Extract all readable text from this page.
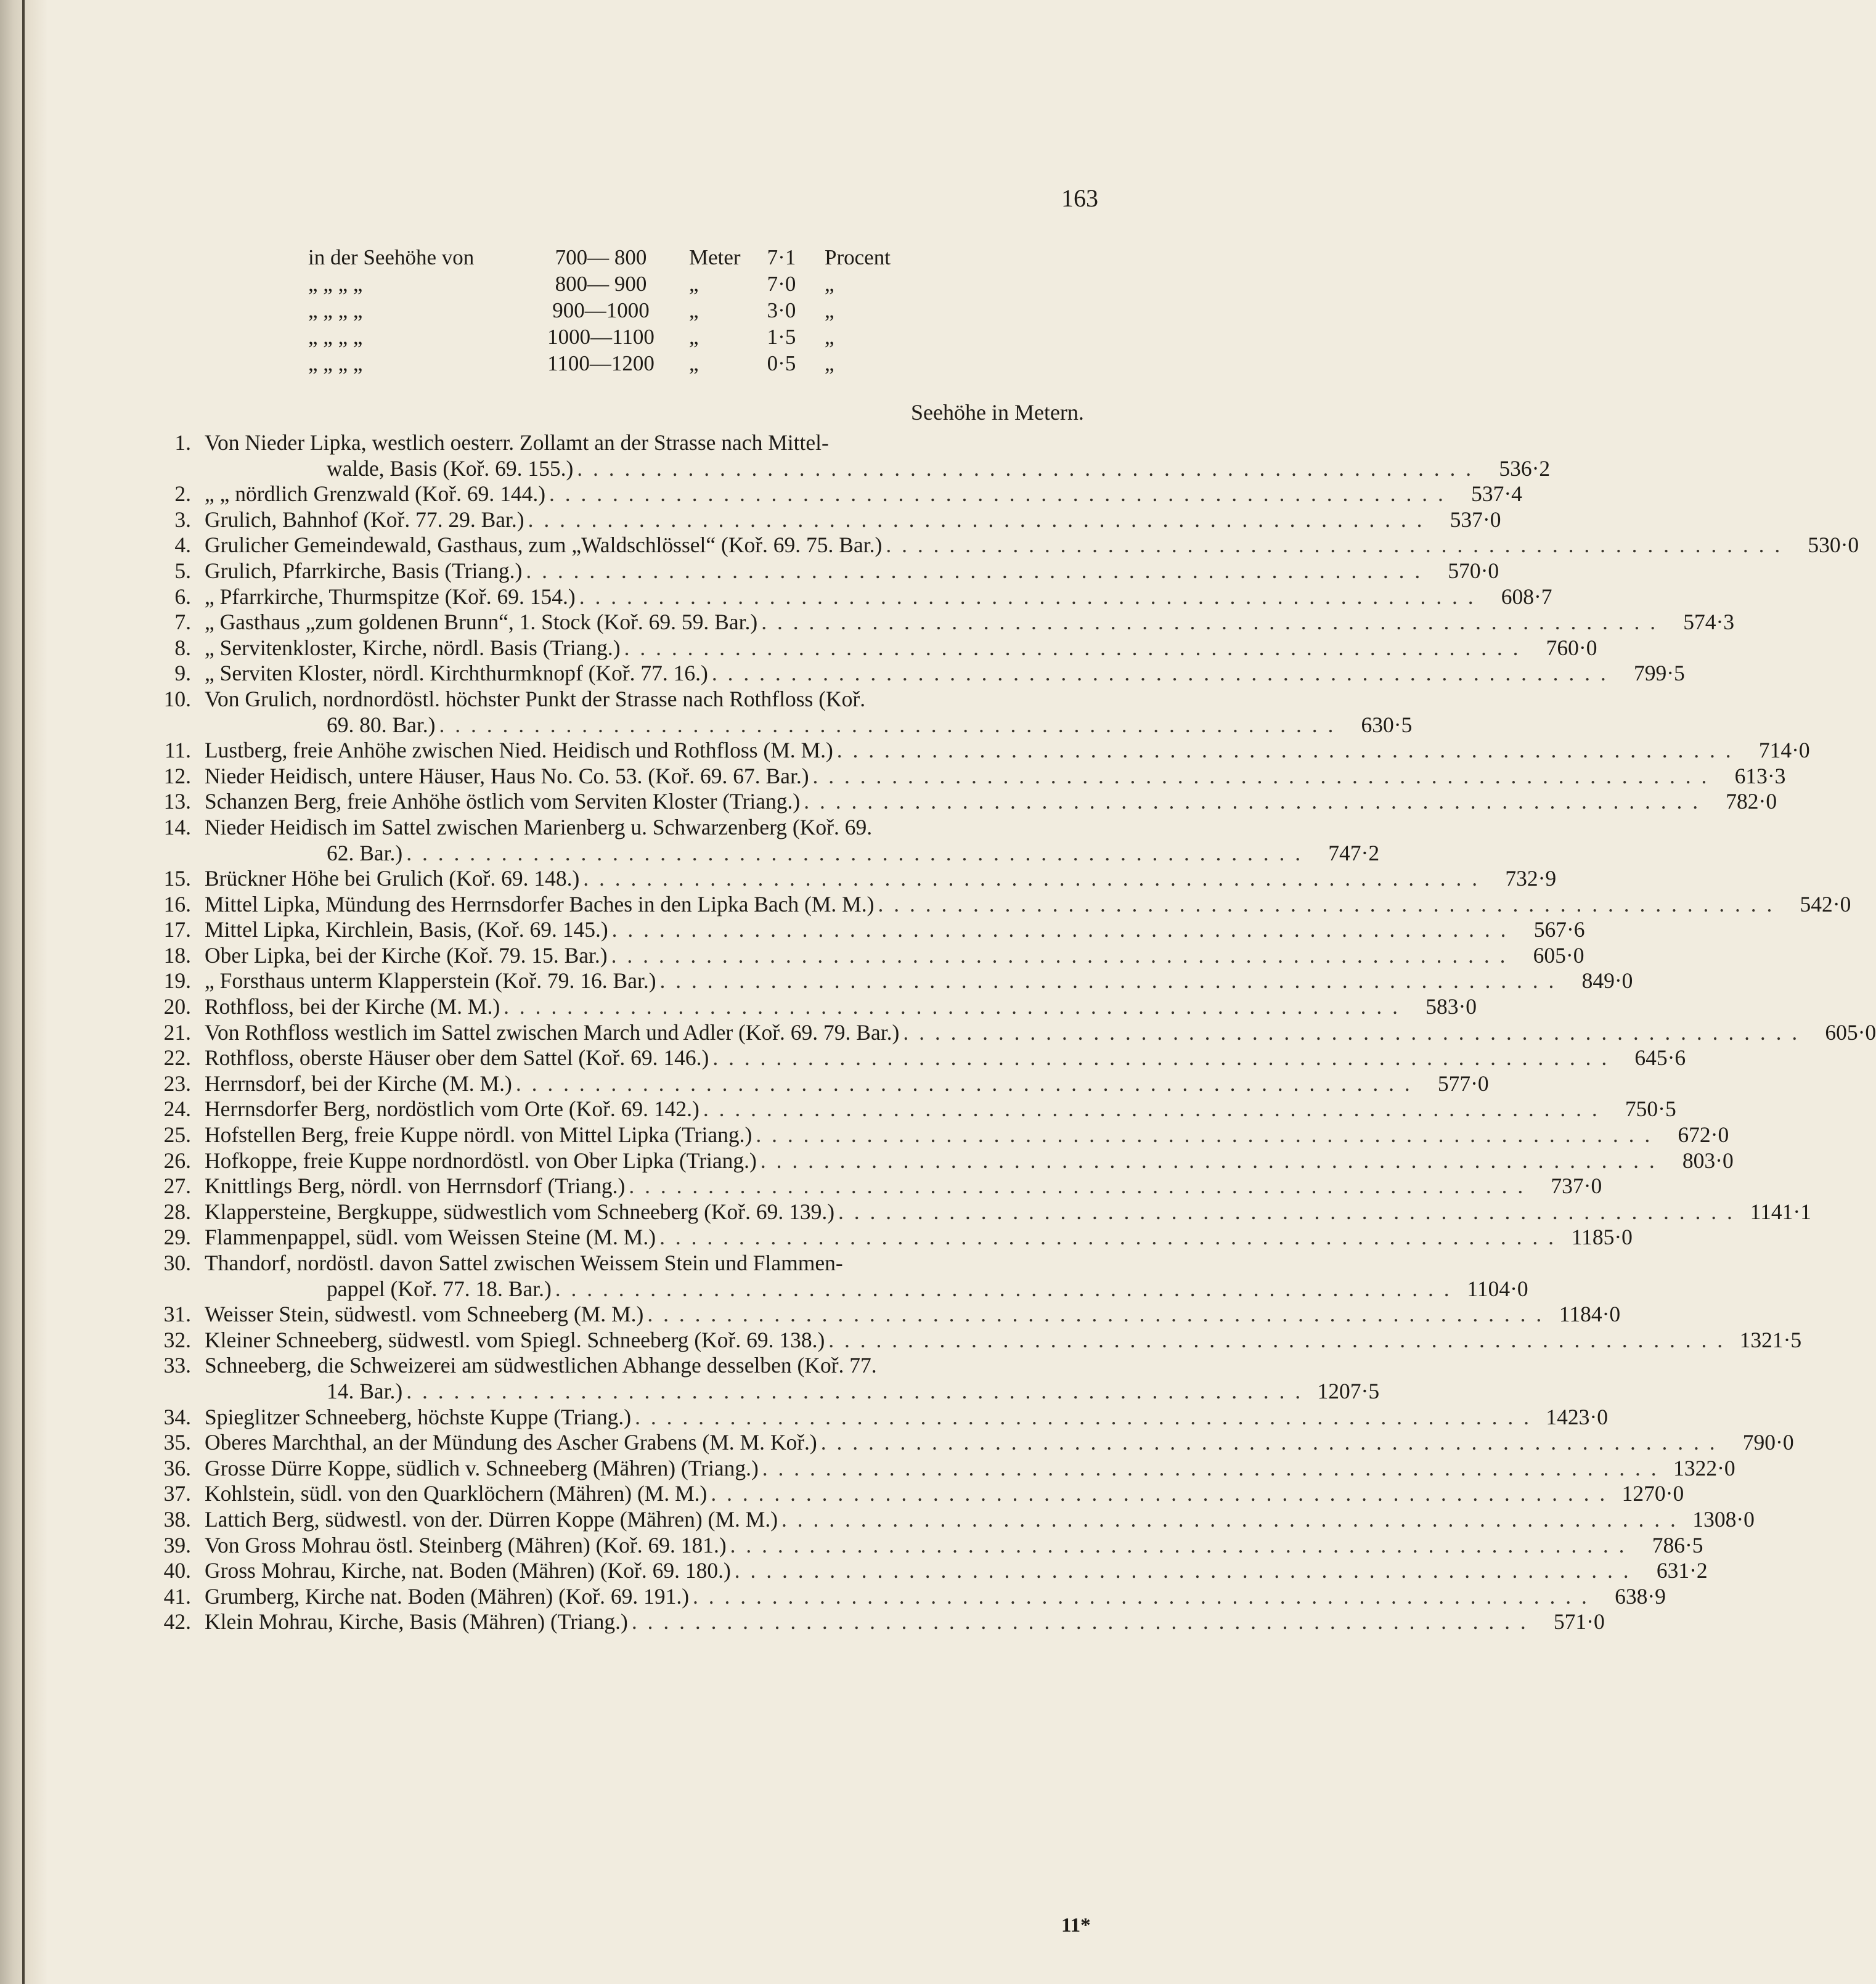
163
in der Seehöhe von	700— 800	Meter	7·1	Procent
„ „ „ „	800— 900	„	7·0	„
„ „ „ „	900—1000	„	3·0	„
„ „ „ „	1000—1100	„	1·5	„
„ „ „ „	1100—1200	„	0·5	„
Seehöhe in Metern.
1. Von Nieder Lipka, westlich oesterr. Zollamt an der Strasse nach Mittel-
walde, Basis (Koř. 69. 155.) . . . . . . . . . . . . . . . . . . . . . . . . . . . . . . . . . . . . . . . . . . . . . . . . . . . . . . . . .	536·2
2. „ „ nördlich Grenzwald (Koř. 69. 144.) . . . . . . . . . . . . . . . . . . . . . . . . . . . . . . . . . . . . . . . . . . . . . . . . . . . . . . . . .	537·4
3. Grulich, Bahnhof (Koř. 77. 29. Bar.) . . . . . . . . . . . . . . . . . . . . . . . . . . . . . . . . . . . . . . . . . . . . . . . . . . . . . . . . .	537·0
4. Grulicher Gemeindewald, Gasthaus, zum „Waldschlössel“ (Koř. 69. 75. Bar.) . . . . . . . . . . . . . . . . . . . . . . . . . . . . . . . . . . . . . . . . . . . . . . . . . . . . . . . . .	530·0
5. Grulich, Pfarrkirche, Basis (Triang.) . . . . . . . . . . . . . . . . . . . . . . . . . . . . . . . . . . . . . . . . . . . . . . . . . . . . . . . . .	570·0
6. „ Pfarrkirche, Thurmspitze (Koř. 69. 154.) . . . . . . . . . . . . . . . . . . . . . . . . . . . . . . . . . . . . . . . . . . . . . . . . . . . . . . . . .	608·7
7. „ Gasthaus „zum goldenen Brunn“, 1. Stock (Koř. 69. 59. Bar.) . . . . . . . . . . . . . . . . . . . . . . . . . . . . . . . . . . . . . . . . . . . . . . . . . . . . . . . . .	574·3
8. „ Servitenkloster, Kirche, nördl. Basis (Triang.) . . . . . . . . . . . . . . . . . . . . . . . . . . . . . . . . . . . . . . . . . . . . . . . . . . . . . . . . .	760·0
9. „ Serviten Kloster, nördl. Kirchthurmknopf (Koř. 77. 16.) . . . . . . . . . . . . . . . . . . . . . . . . . . . . . . . . . . . . . . . . . . . . . . . . . . . . . . . . .	799·5
10. Von Grulich, nordnordöstl. höchster Punkt der Strasse nach Rothfloss (Koř.
69. 80. Bar.) . . . . . . . . . . . . . . . . . . . . . . . . . . . . . . . . . . . . . . . . . . . . . . . . . . . . . . . . .	630·5
11. Lustberg, freie Anhöhe zwischen Nied. Heidisch und Rothfloss (M. M.) . . . . . . . . . . . . . . . . . . . . . . . . . . . . . . . . . . . . . . . . . . . . . . . . . . . . . . . . .	714·0
12. Nieder Heidisch, untere Häuser, Haus No. Co. 53. (Koř. 69. 67. Bar.) . . . . . . . . . . . . . . . . . . . . . . . . . . . . . . . . . . . . . . . . . . . . . . . . . . . . . . . . .	613·3
13. Schanzen Berg, freie Anhöhe östlich vom Serviten Kloster (Triang.) . . . . . . . . . . . . . . . . . . . . . . . . . . . . . . . . . . . . . . . . . . . . . . . . . . . . . . . . .	782·0
14. Nieder Heidisch im Sattel zwischen Marienberg u. Schwarzenberg (Koř. 69.
62. Bar.) . . . . . . . . . . . . . . . . . . . . . . . . . . . . . . . . . . . . . . . . . . . . . . . . . . . . . . . . .	747·2
15. Brückner Höhe bei Grulich (Koř. 69. 148.) . . . . . . . . . . . . . . . . . . . . . . . . . . . . . . . . . . . . . . . . . . . . . . . . . . . . . . . . .	732·9
16. Mittel Lipka, Mündung des Herrnsdorfer Baches in den Lipka Bach (M. M.) . . . . . . . . . . . . . . . . . . . . . . . . . . . . . . . . . . . . . . . . . . . . . . . . . . . . . . . . .	542·0
17. Mittel Lipka, Kirchlein, Basis, (Koř. 69. 145.) . . . . . . . . . . . . . . . . . . . . . . . . . . . . . . . . . . . . . . . . . . . . . . . . . . . . . . . . .	567·6
18. Ober Lipka, bei der Kirche (Koř. 79. 15. Bar.) . . . . . . . . . . . . . . . . . . . . . . . . . . . . . . . . . . . . . . . . . . . . . . . . . . . . . . . . .	605·0
19. „ Forsthaus unterm Klapperstein (Koř. 79. 16. Bar.) . . . . . . . . . . . . . . . . . . . . . . . . . . . . . . . . . . . . . . . . . . . . . . . . . . . . . . . . .	849·0
20. Rothfloss, bei der Kirche (M. M.) . . . . . . . . . . . . . . . . . . . . . . . . . . . . . . . . . . . . . . . . . . . . . . . . . . . . . . . . .	583·0
21. Von Rothfloss westlich im Sattel zwischen March und Adler (Koř. 69. 79. Bar.) . . . . . . . . . . . . . . . . . . . . . . . . . . . . . . . . . . . . . . . . . . . . . . . . . . . . . . . . .	605·0
22. Rothfloss, oberste Häuser ober dem Sattel (Koř. 69. 146.) . . . . . . . . . . . . . . . . . . . . . . . . . . . . . . . . . . . . . . . . . . . . . . . . . . . . . . . . .	645·6
23. Herrnsdorf, bei der Kirche (M. M.) . . . . . . . . . . . . . . . . . . . . . . . . . . . . . . . . . . . . . . . . . . . . . . . . . . . . . . . . .	577·0
24. Herrnsdorfer Berg, nordöstlich vom Orte (Koř. 69. 142.) . . . . . . . . . . . . . . . . . . . . . . . . . . . . . . . . . . . . . . . . . . . . . . . . . . . . . . . . .	750·5
25. Hofstellen Berg, freie Kuppe nördl. von Mittel Lipka (Triang.) . . . . . . . . . . . . . . . . . . . . . . . . . . . . . . . . . . . . . . . . . . . . . . . . . . . . . . . . .	672·0
26. Hofkoppe, freie Kuppe nordnordöstl. von Ober Lipka (Triang.) . . . . . . . . . . . . . . . . . . . . . . . . . . . . . . . . . . . . . . . . . . . . . . . . . . . . . . . . .	803·0
27. Knittlings Berg, nördl. von Herrnsdorf (Triang.) . . . . . . . . . . . . . . . . . . . . . . . . . . . . . . . . . . . . . . . . . . . . . . . . . . . . . . . . .	737·0
28. Klappersteine, Bergkuppe, südwestlich vom Schneeberg (Koř. 69. 139.) . . . . . . . . . . . . . . . . . . . . . . . . . . . . . . . . . . . . . . . . . . . . . . . . . . . . . . . . . 1141·1
29. Flammenpappel, südl. vom Weissen Steine (M. M.) . . . . . . . . . . . . . . . . . . . . . . . . . . . . . . . . . . . . . . . . . . . . . . . . . . . . . . . . . 1185·0
30. Thandorf, nordöstl. davon Sattel zwischen Weissem Stein und Flammen-
pappel (Koř. 77. 18. Bar.) . . . . . . . . . . . . . . . . . . . . . . . . . . . . . . . . . . . . . . . . . . . . . . . . . . . . . . . . . 1104·0
31. Weisser Stein, südwestl. vom Schneeberg (M. M.) . . . . . . . . . . . . . . . . . . . . . . . . . . . . . . . . . . . . . . . . . . . . . . . . . . . . . . . . . 1184·0
32. Kleiner Schneeberg, südwestl. vom Spiegl. Schneeberg (Koř. 69. 138.) . . . . . . . . . . . . . . . . . . . . . . . . . . . . . . . . . . . . . . . . . . . . . . . . . . . . . . . . . 1321·5
33. Schneeberg, die Schweizerei am südwestlichen Abhange desselben (Koř. 77.
14. Bar.) . . . . . . . . . . . . . . . . . . . . . . . . . . . . . . . . . . . . . . . . . . . . . . . . . . . . . . . . . 1207·5
34. Spieglitzer Schneeberg, höchste Kuppe (Triang.) . . . . . . . . . . . . . . . . . . . . . . . . . . . . . . . . . . . . . . . . . . . . . . . . . . . . . . . . . 1423·0
35. Oberes Marchthal, an der Mündung des Ascher Grabens (M. M. Koř.) . . . . . . . . . . . . . . . . . . . . . . . . . . . . . . . . . . . . . . . . . . . . . . . . . . . . . . . . .	790·0
36. Grosse Dürre Koppe, südlich v. Schneeberg (Mähren) (Triang.) . . . . . . . . . . . . . . . . . . . . . . . . . . . . . . . . . . . . . . . . . . . . . . . . . . . . . . . . . 1322·0
37. Kohlstein, südl. von den Quarklöchern (Mähren) (M. M.) . . . . . . . . . . . . . . . . . . . . . . . . . . . . . . . . . . . . . . . . . . . . . . . . . . . . . . . . . 1270·0
38. Lattich Berg, südwestl. von der. Dürren Koppe (Mähren) (M. M.) . . . . . . . . . . . . . . . . . . . . . . . . . . . . . . . . . . . . . . . . . . . . . . . . . . . . . . . . . 1308·0
39. Von Gross Mohrau östl. Steinberg (Mähren) (Koř. 69. 181.) . . . . . . . . . . . . . . . . . . . . . . . . . . . . . . . . . . . . . . . . . . . . . . . . . . . . . . . . .	786·5
40. Gross Mohrau, Kirche, nat. Boden (Mähren) (Koř. 69. 180.) . . . . . . . . . . . . . . . . . . . . . . . . . . . . . . . . . . . . . . . . . . . . . . . . . . . . . . . . .	631·2
41. Grumberg, Kirche nat. Boden (Mähren) (Koř. 69. 191.) . . . . . . . . . . . . . . . . . . . . . . . . . . . . . . . . . . . . . . . . . . . . . . . . . . . . . . . . .	638·9
42. Klein Mohrau, Kirche, Basis (Mähren) (Triang.) . . . . . . . . . . . . . . . . . . . . . . . . . . . . . . . . . . . . . . . . . . . . . . . . . . . . . . . . .	571·0
11*
